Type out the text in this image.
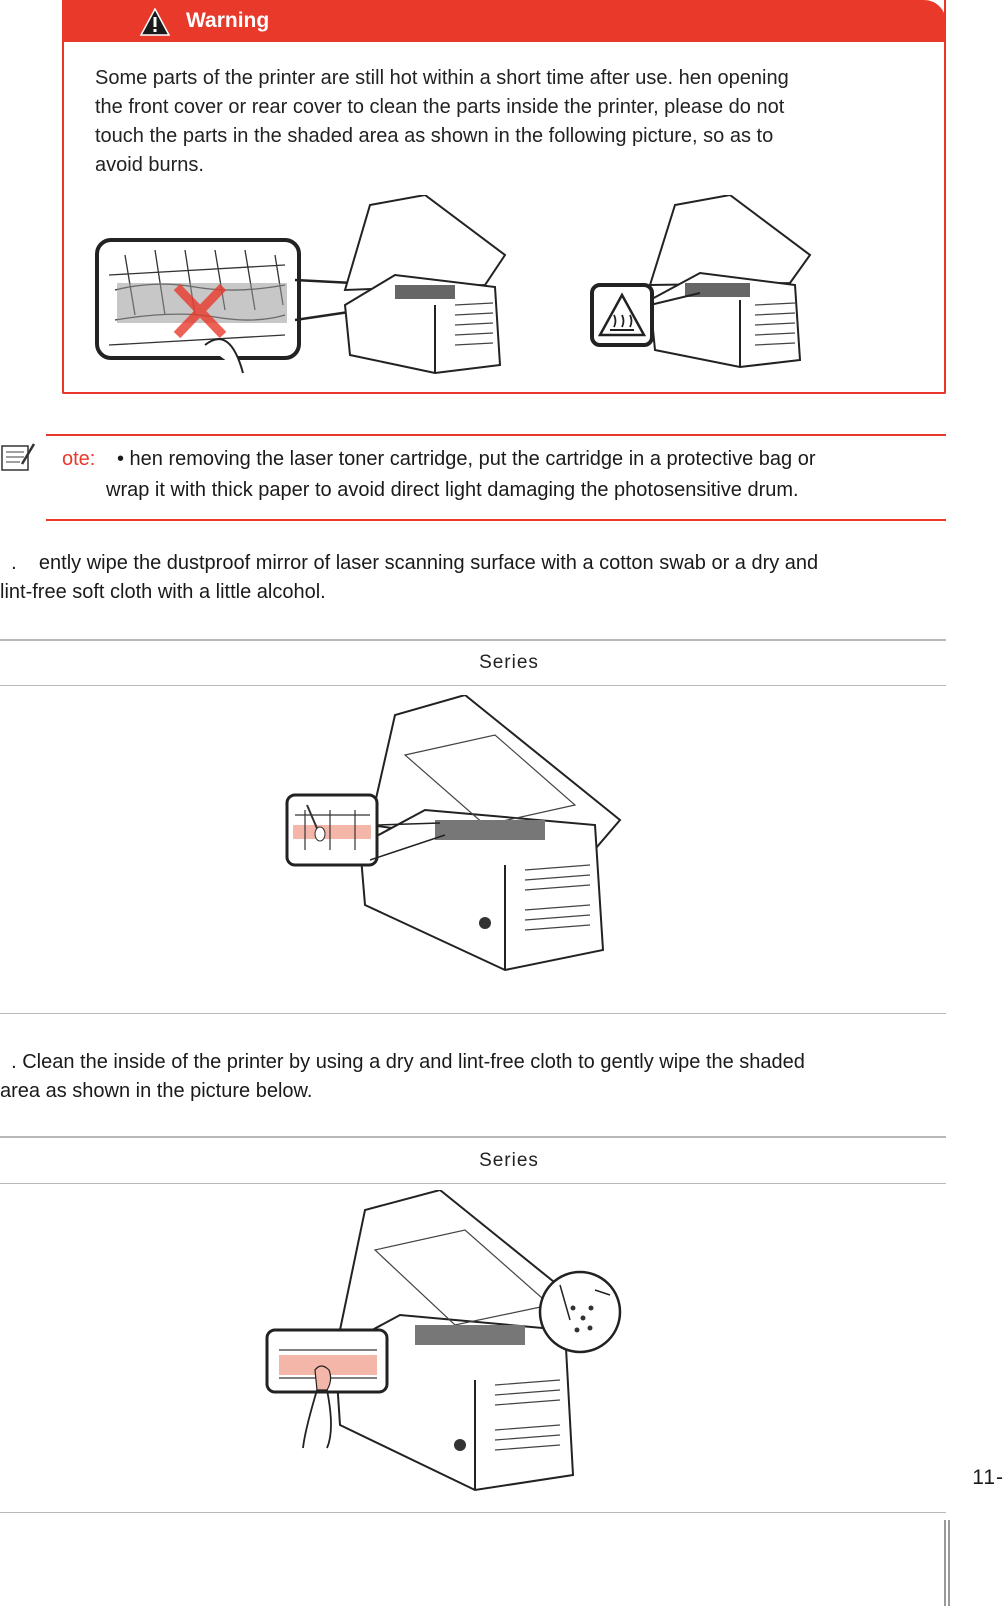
Warning
Some parts of the printer are still hot within a short time after use. hen opening
the front cover or rear cover to clean the parts inside the printer, please do not
touch the parts in the shaded area as shown in the following picture, so as to
avoid burns.
ote: • hen removing the laser toner cartridge, put the cartridge in a protective bag or
wrap it with thick paper to avoid direct light damaging the photosensitive drum.
.    ently wipe the dustproof mirror of laser scanning surface with a cotton swab or a dry and
lint-free soft cloth with a little alcohol.
Series
. Clean the inside of the printer by using a dry and lint-free cloth to gently wipe the shaded
area as shown in the picture below.
Series
11-
